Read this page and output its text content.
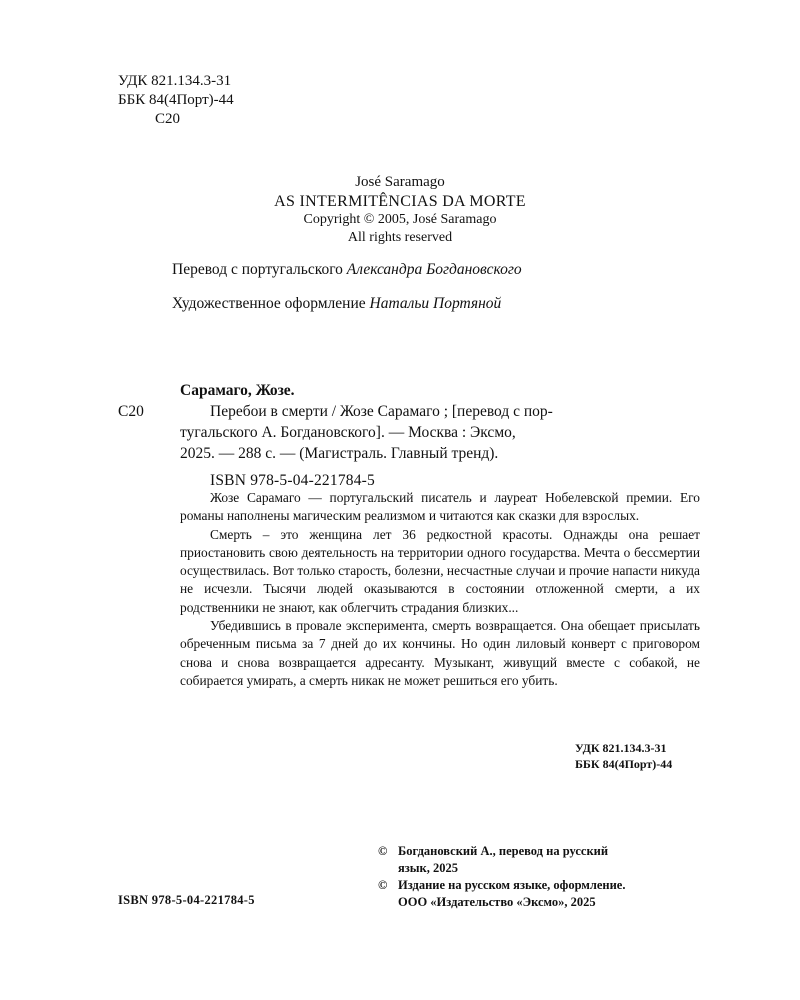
УДК 821.134.3-31
ББК 84(4Порт)-44
С20
José Saramago
AS INTERMITÊNCIAS DA MORTE
Copyright © 2005, José Saramago
All rights reserved
Перевод с португальского Александра Богдановского
Художественное оформление Натальи Портяной
Сарамаго, Жозе.
С20	Перебои в смерти / Жозе Сарамаго ; [перевод с пор-
тугальского А. Богдановского]. — Москва : Эксмо,
2025. — 288 с. — (Магистраль. Главный тренд).
ISBN 978-5-04-221784-5

Жозе Сарамаго — португальский писатель и лауреат Нобелевской премии. Его романы наполнены магическим реализмом и читаются как сказки для взрослых.

Смерть – это женщина лет 36 редкостной красоты. Однажды она решает приостановить свою деятельность на территории одного государства. Мечта о бессмертии осуществилась. Вот только старость, болезни, несчастные случаи и прочие напасти никуда не исчезли. Тысячи людей оказываются в состоянии отложенной смерти, а их родственники не знают, как облегчить страдания близких...

Убедившись в провале эксперимента, смерть возвращается. Она обещает присылать обреченным письма за 7 дней до их кончины. Но один лиловый конверт с приговором снова и снова возвращается адресанту. Музыкант, живущий вместе с собакой, не собирается умирать, а смерть никак не может решиться его убить.

УДК 821.134.3-31
ББК 84(4Порт)-44
© Богдановский А., перевод на русский
язык, 2025
© Издание на русском языке, оформление.
ООО «Издательство «Эксмо», 2025
ISBN 978-5-04-221784-5
